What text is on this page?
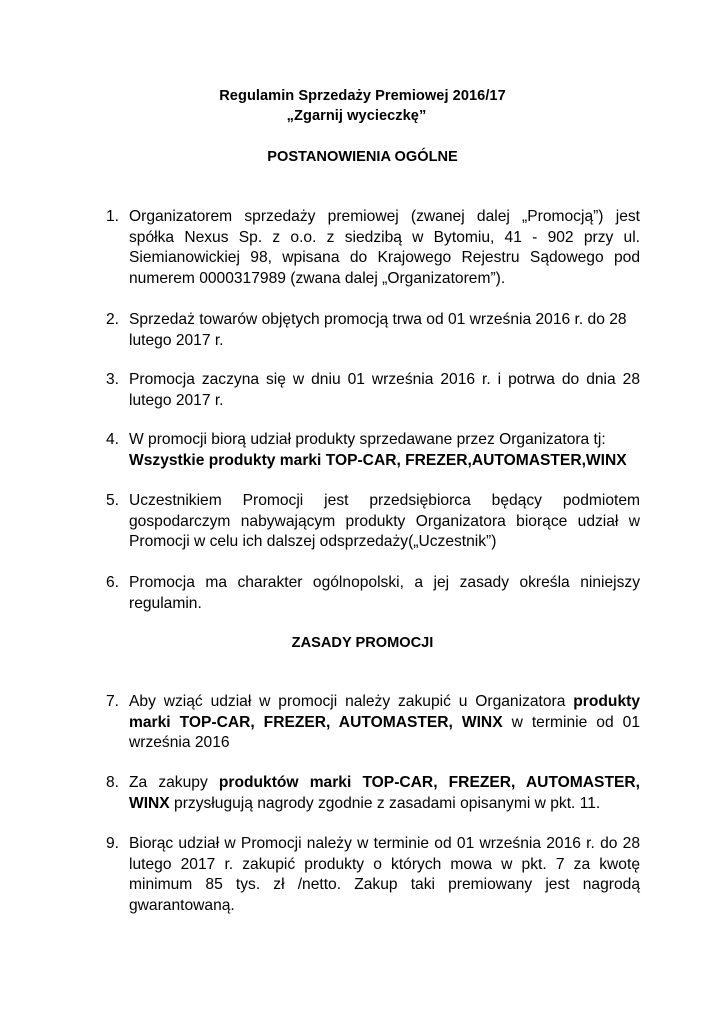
Regulamin Sprzedaży Premiowej 2016/17
„Zgarnij wycieczkę”
POSTANOWIENIA OGÓLNE
1. Organizatorem sprzedaży premiowej (zwanej dalej „Promocją”) jest spółka Nexus Sp. z o.o. z siedzibą w Bytomiu, 41 - 902 przy ul. Siemianowickiej 98, wpisana do Krajowego Rejestru Sądowego pod numerem 0000317989 (zwana dalej „Organizatorem”).
2. Sprzedaż towarów objętych promocją trwa od 01 września 2016 r. do 28 lutego 2017 r.
3. Promocja zaczyna się w dniu 01 września 2016 r. i potrwa do dnia 28 lutego 2017 r.
4. W promocji biorą udział produkty sprzedawane przez Organizatora tj:
Wszystkie produkty marki TOP-CAR, FREZER,AUTOMASTER,WINX
5. Uczestnikiem Promocji jest przedsiębiorca będący podmiotem gospodarczym nabywającym produkty Organizatora biorące udział w Promocji w celu ich dalszej odsprzedaży(„Uczestnik”)
6. Promocja ma charakter ogólnopolski, a jej zasady określa niniejszy regulamin.
ZASADY PROMOCJI
7. Aby wziąć udział w promocji należy zakupić u Organizatora produkty marki TOP-CAR, FREZER, AUTOMASTER, WINX w terminie od 01 września 2016
8. Za zakupy produktów marki TOP-CAR, FREZER, AUTOMASTER, WINX przysługują nagrody zgodnie z zasadami opisanymi w pkt. 11.
9. Biorąc udział w Promocji należy w terminie od 01 września 2016 r. do 28 lutego 2017 r. zakupić produkty o których mowa w pkt. 7 za kwotę minimum 85 tys. zł /netto. Zakup taki premiowany jest nagrodą gwarantowaną.
